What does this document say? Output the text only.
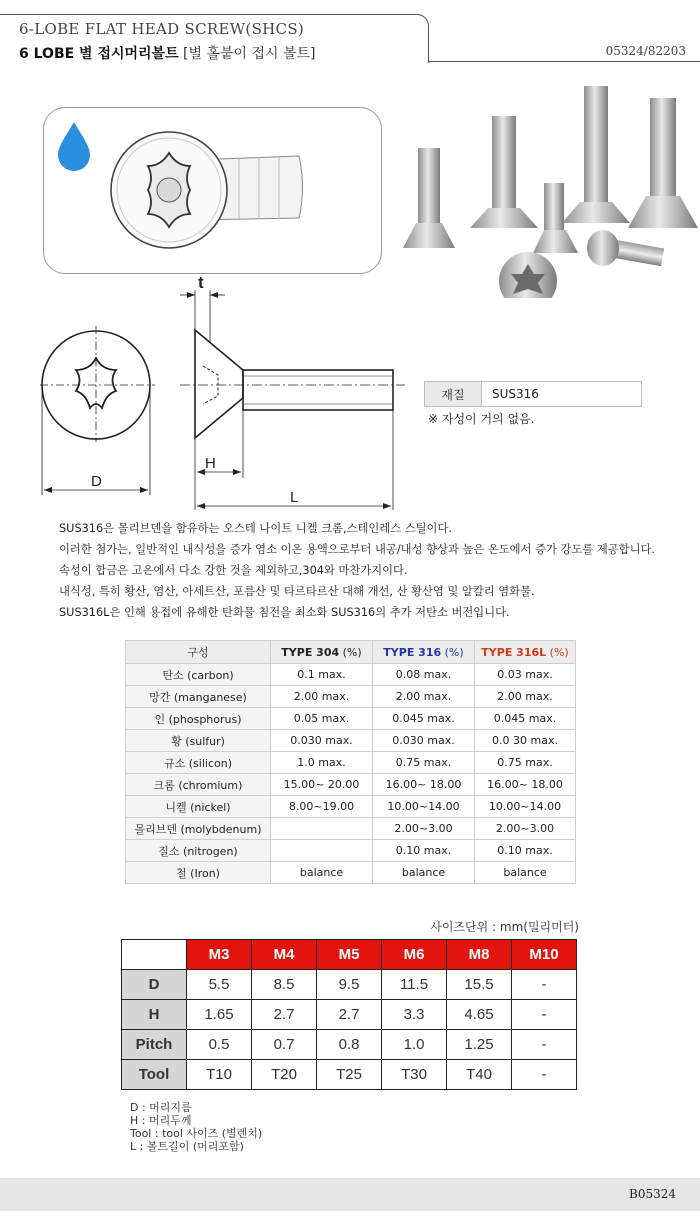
6-LOBE FLAT HEAD SCREW(SHCS)
6 LOBE 별 접시머리볼트 [별 홀붙이 접시 볼트]	05324/82203
t
H
D
L
재질	SUS316
※ 자성이 거의 없음.
SUS316은 몰리브덴을 함유하는 오스테 나이트 니켈 크롬,스테인레스 스틸이다.
이러한 첨가는, 일반적인 내식성을 증가 염소 이온 용액으로부터 내공/내성 향상과 높은 온도에서 증가 강도를 제공합니다.
속성이 합금은 고온에서 다소 강한 것을 제외하고,304와 마찬가지이다.
내식성, 특히 황산, 염산, 아세트산, 포름산 및 타르타르산 대해 개선, 산 황산염 및 알칼리 염화물.
SUS316L은 인해 용접에 유해한 탄화물 침전을 최소화 SUS316의 추가 저탄소 버전입니다.
구성	TYPE 304 (%)	TYPE 316 (%)	TYPE 316L (%)
탄소 (carbon)	0.1 max.	0.08 max.	0.03 max.
망간 (manganese)	2.00 max.	2.00 max.	2.00 max.
인 (phosphorus)	0.05 max.	0.045 max.	0.045 max.
황 (sulfur)	0.030 max.	0.030 max.	0.0 30 max.
규소 (silicon)	1.0 max.	0.75 max.	0.75 max.
크롬 (chromium)	15.00~ 20.00	16.00~ 18.00	16.00~ 18.00
니켈 (nickel)	8.00~19.00	10.00~14.00	10.00~14.00
몰리브덴 (molybdenum)		2.00~3.00	2.00~3.00
질소 (nitrogen)		0.10 max.	0.10 max.
철 (Iron)	balance	balance	balance
사이즈단위 : mm(밀리미터)
	M3	M4	M5	M6	M8	M10
D	5.5	8.5	9.5	11.5	15.5	-
H	1.65	2.7	2.7	3.3	4.65	-
Pitch	0.5	0.7	0.8	1.0	1.25	-
Tool	T10	T20	T25	T30	T40	-
D : 머리지름
H : 머리두께
Tool : tool 사이즈 (별렌치)
L : 볼트길이 (머리포함)
B05324
